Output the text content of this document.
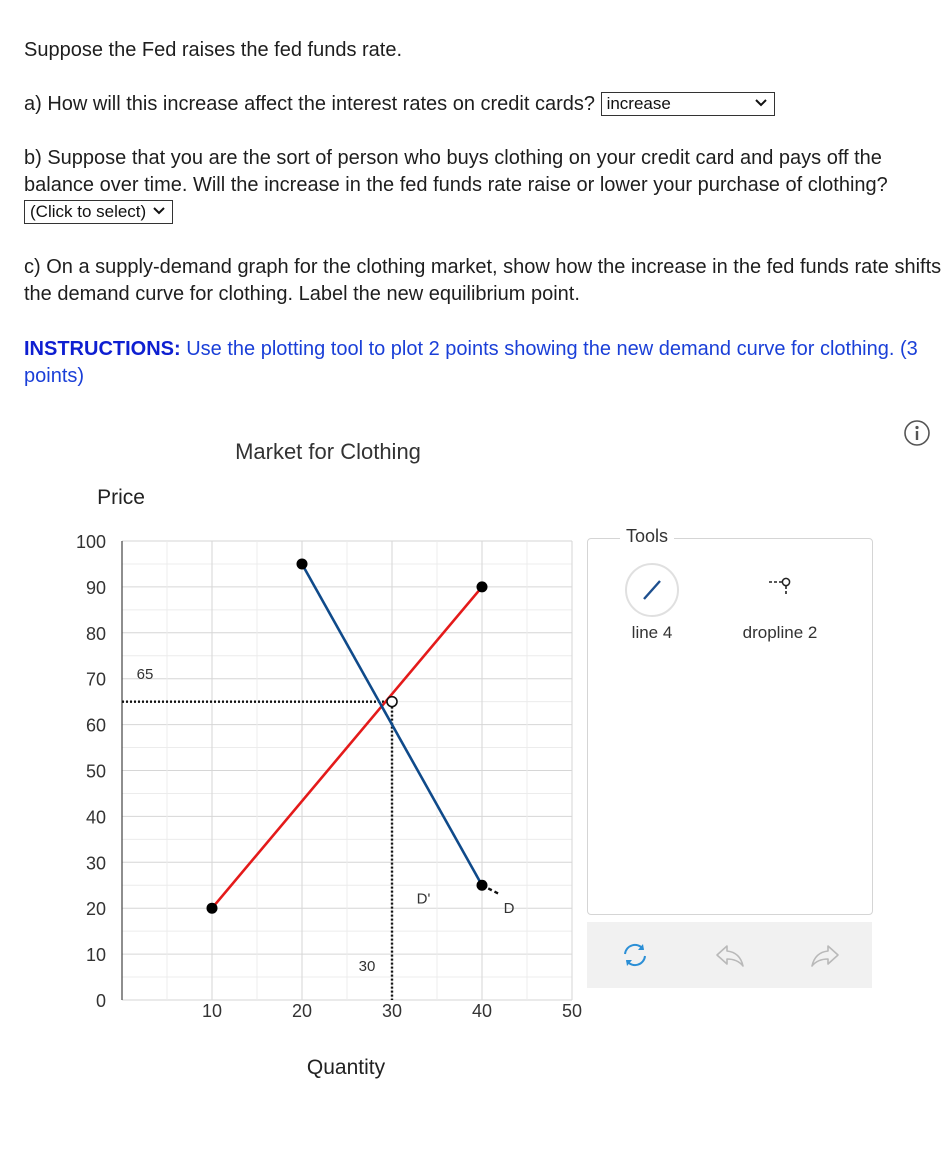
Suppose the Fed raises the fed funds rate.
a) How will this increase affect the interest rates on credit cards? increase
b) Suppose that you are the sort of person who buys clothing on your credit card and pays off the balance over time. Will the increase in the fed funds rate raise or lower your purchase of clothing? (Click to select)
c) On a supply-demand graph for the clothing market, show how the increase in the fed funds rate shifts the demand curve for clothing. Label the new equilibrium point.
INSTRUCTIONS: Use the plotting tool to plot 2 points showing the new demand curve for clothing. (3 points)
65
30
D'
D
Market for Clothing
Price
Quantity
0
10
20
30
40
50
60
70
80
90
100
10	20	30	40	50
Tools
line 4	dropline 2
